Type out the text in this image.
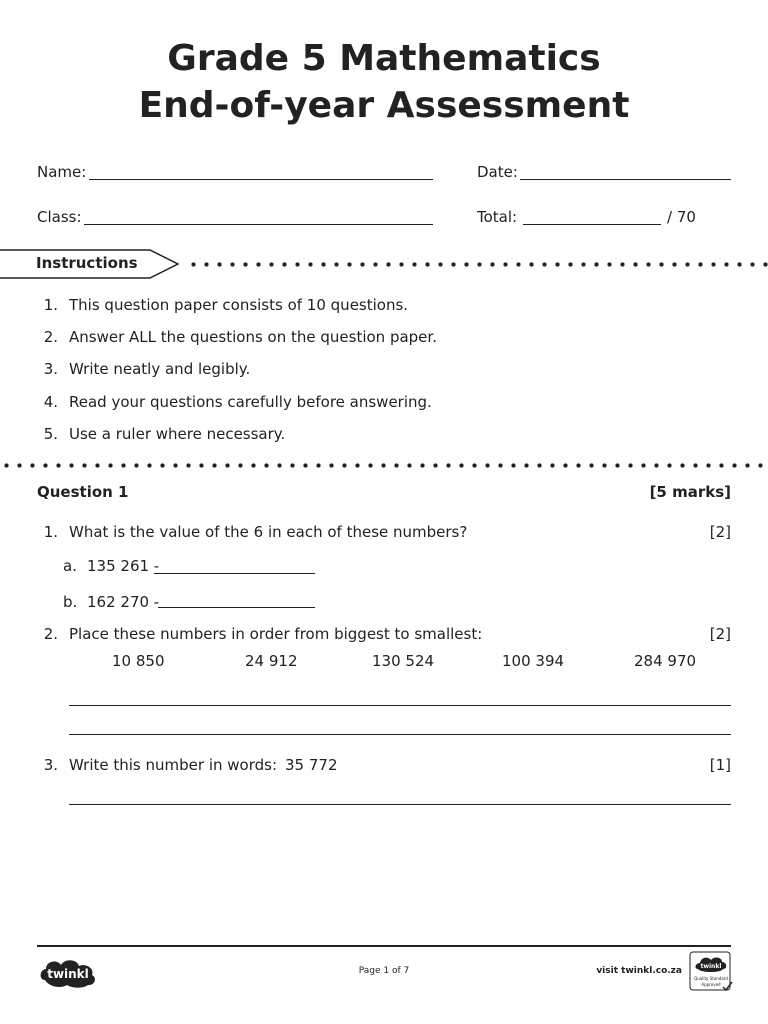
Grade 5 Mathematics
End-of-year Assessment
Name:	Date:
Class:	Total:	/ 70
Instructions
1. This question paper consists of 10 questions.
2. Answer ALL the questions on the question paper.
3. Write neatly and legibly.
4. Read your questions carefully before answering.
5. Use a ruler where necessary.
Question 1	[5 marks]
1. What is the value of the 6 in each of these numbers?	[2]
a. 135 261 -
b. 162 270 -
2. Place these numbers in order from biggest to smallest:	[2]
10 850	24 912	130 524	100 394	284 970
3. Write this number in words: 35 772	[1]
twinkl	Page 1 of 7	visit twinkl.co.za	twinkl
Quality Standard
Approved
